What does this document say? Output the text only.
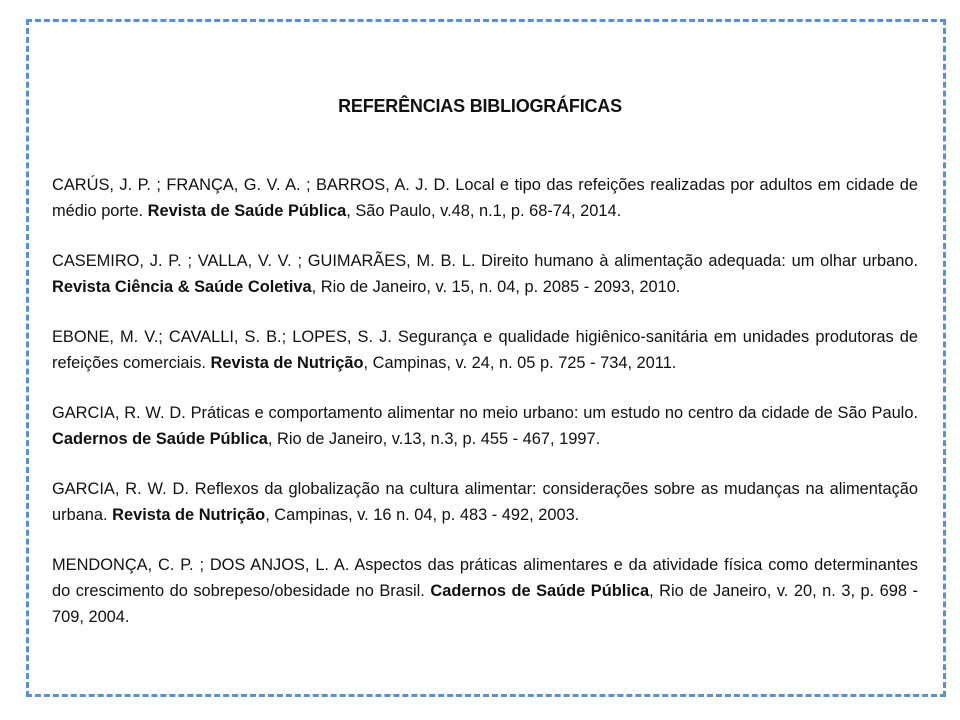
REFERÊNCIAS BIBLIOGRÁFICAS

CARÚS, J. P. ; FRANÇA, G. V. A. ; BARROS, A. J. D. Local e tipo das refeições realizadas por adultos em cidade de médio porte. Revista de Saúde Pública, São Paulo, v.48, n.1, p. 68-74, 2014.

CASEMIRO, J. P. ; VALLA, V. V. ; GUIMARÃES, M. B. L. Direito humano à alimentação adequada: um olhar urbano. Revista Ciência & Saúde Coletiva, Rio de Janeiro, v. 15, n. 04, p. 2085 - 2093, 2010.

EBONE, M. V.; CAVALLI, S. B.; LOPES, S. J. Segurança e qualidade higiênico-sanitária em unidades produtoras de refeições comerciais. Revista de Nutrição, Campinas, v. 24, n. 05 p. 725 - 734, 2011.

GARCIA, R. W. D. Práticas e comportamento alimentar no meio urbano: um estudo no centro da cidade de São Paulo. Cadernos de Saúde Pública, Rio de Janeiro, v.13, n.3, p. 455 - 467, 1997.

GARCIA, R. W. D. Reflexos da globalização na cultura alimentar: considerações sobre as mudanças na alimentação urbana. Revista de Nutrição, Campinas, v. 16 n. 04, p. 483 - 492, 2003.

MENDONÇA, C. P. ; DOS ANJOS, L. A. Aspectos das práticas alimentares e da atividade física como determinantes do crescimento do sobrepeso/obesidade no Brasil. Cadernos de Saúde Pública, Rio de Janeiro, v. 20, n. 3, p. 698 - 709, 2004.
